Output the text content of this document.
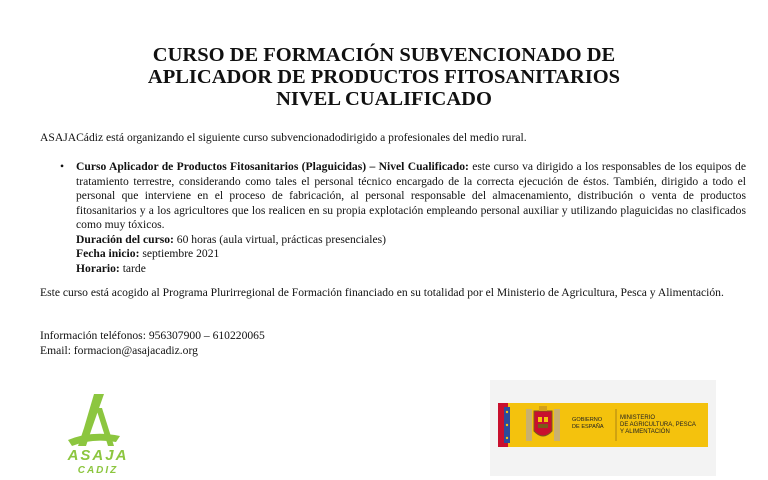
CURSO DE FORMACIÓN SUBVENCIONADO DE
APLICADOR DE PRODUCTOS FITOSANITARIOS
NIVEL CUALIFICADO
ASAJACádiz está organizando el siguiente curso subvencionadodirigido a profesionales del medio rural.
• Curso Aplicador de Productos Fitosanitarios (Plaguicidas) – Nivel Cualificado: este curso va dirigido a los responsables de los equipos de tratamiento terrestre, considerando como tales el personal técnico encargado de la correcta ejecución de éstos. También, dirigido a todo el personal que interviene en el proceso de fabricación, al personal responsable del almacenamiento, distribución o venta de productos fitosanitarios y a los agricultores que los realicen en su propia explotación empleando personal auxiliar y utilizando plaguicidas no clasificados como muy tóxicos.
Duración del curso: 60 horas (aula virtual, prácticas presenciales)
Fecha inicio: septiembre 2021
Horario: tarde
Este curso está acogido al Programa Plurirregional de Formación financiado en su totalidad por el Ministerio de Agricultura, Pesca y Alimentación.
Información teléfonos: 956307900 – 610220065
Email: formacion@asajacadiz.org
ASAJA
CADIZ
GOBIERNO
DE ESPAÑA
MINISTERIO
DE AGRICULTURA, PESCA
Y ALIMENTACIÓN
